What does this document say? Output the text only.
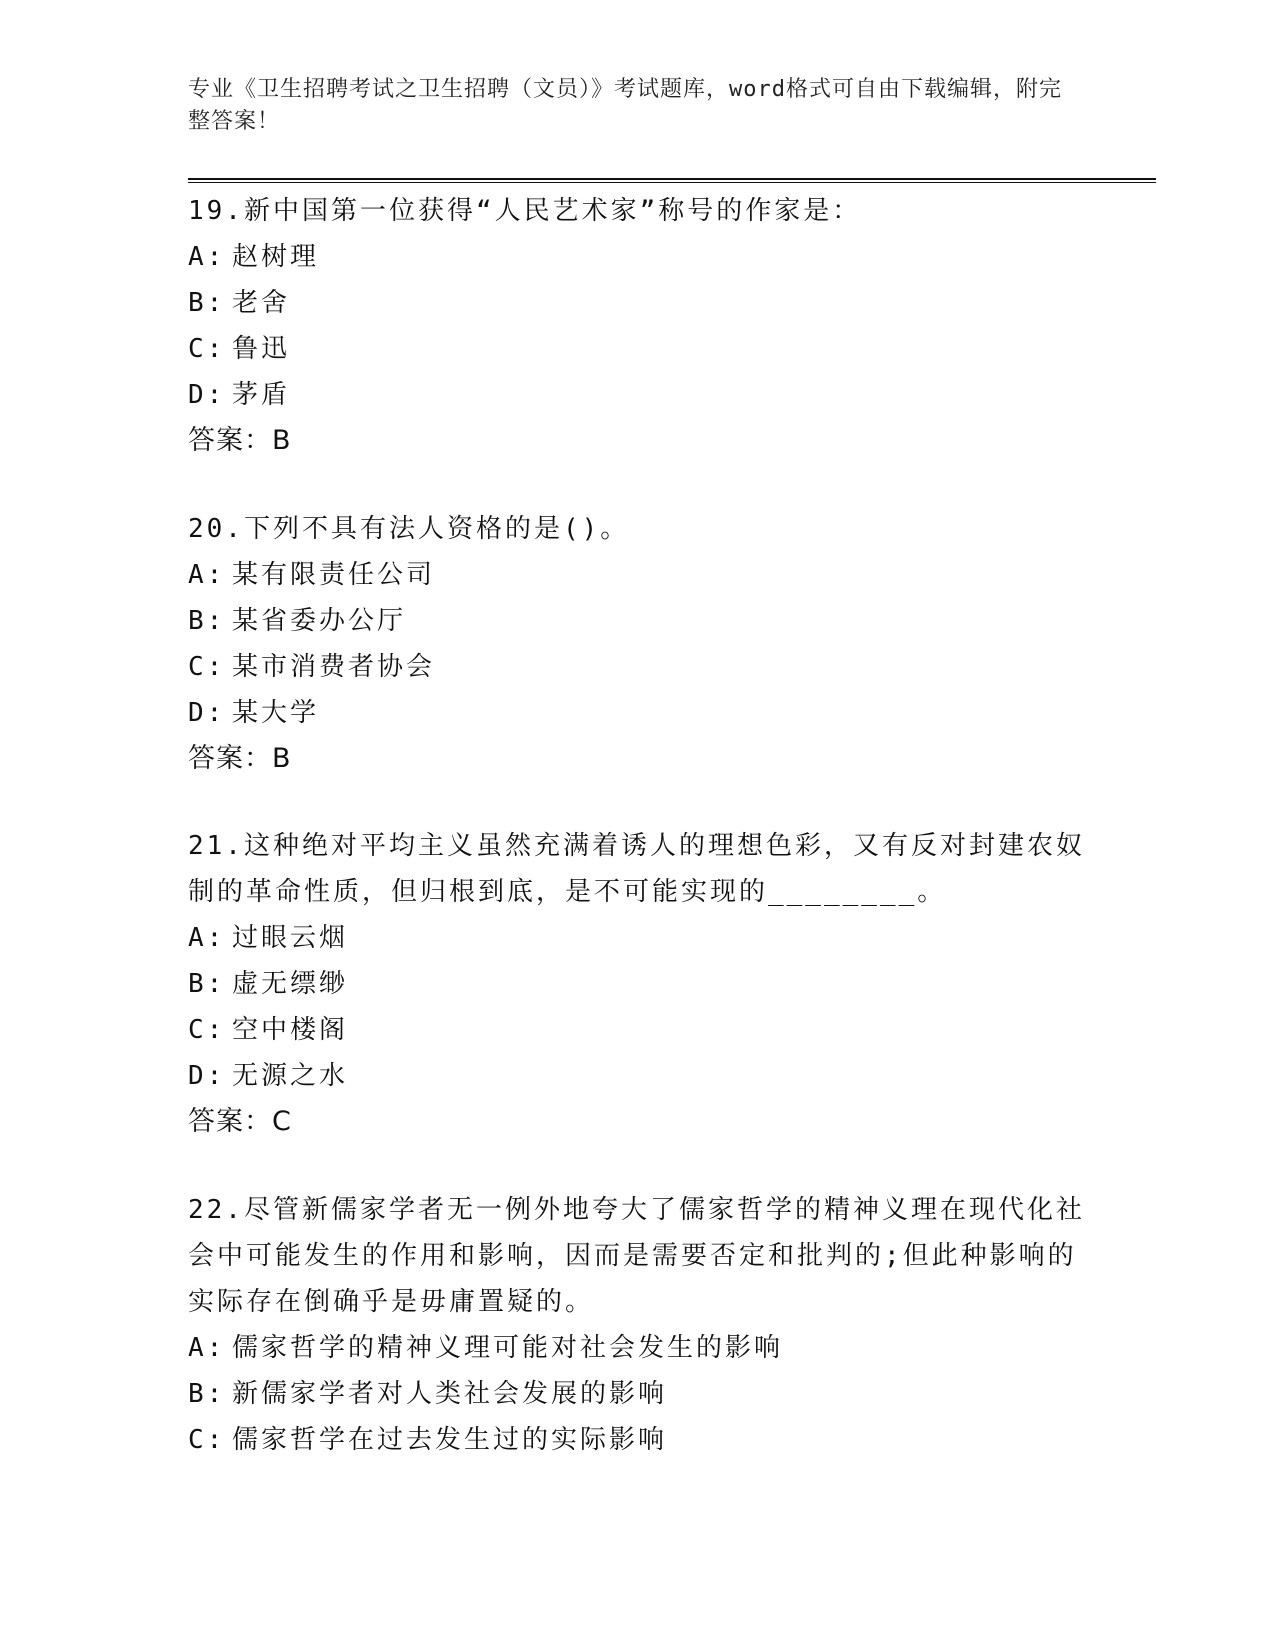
专业《卫生招聘考试之卫生招聘（文员）》考试题库，word格式可自由下载编辑，附完整答案！

19.新中国第一位获得“人民艺术家”称号的作家是：

A: 赵树理

B: 老舍

C: 鲁迅

D: 茅盾

答案：B

20.下列不具有法人资格的是()。

A: 某有限责任公司

B: 某省委办公厅

C: 某市消费者协会

D: 某大学

答案：B

21.这种绝对平均主义虽然充满着诱人的理想色彩，又有反对封建农奴制的革命性质，但归根到底，是不可能实现的________。

A: 过眼云烟

B: 虚无缥缈

C: 空中楼阁

D: 无源之水

答案：C

22.尽管新儒家学者无一例外地夸大了儒家哲学的精神义理在现代化社会中可能发生的作用和影响，因而是需要否定和批判的;但此种影响的实际存在倒确乎是毋庸置疑的。

A: 儒家哲学的精神义理可能对社会发生的影响

B: 新儒家学者对人类社会发展的影响

C: 儒家哲学在过去发生过的实际影响
